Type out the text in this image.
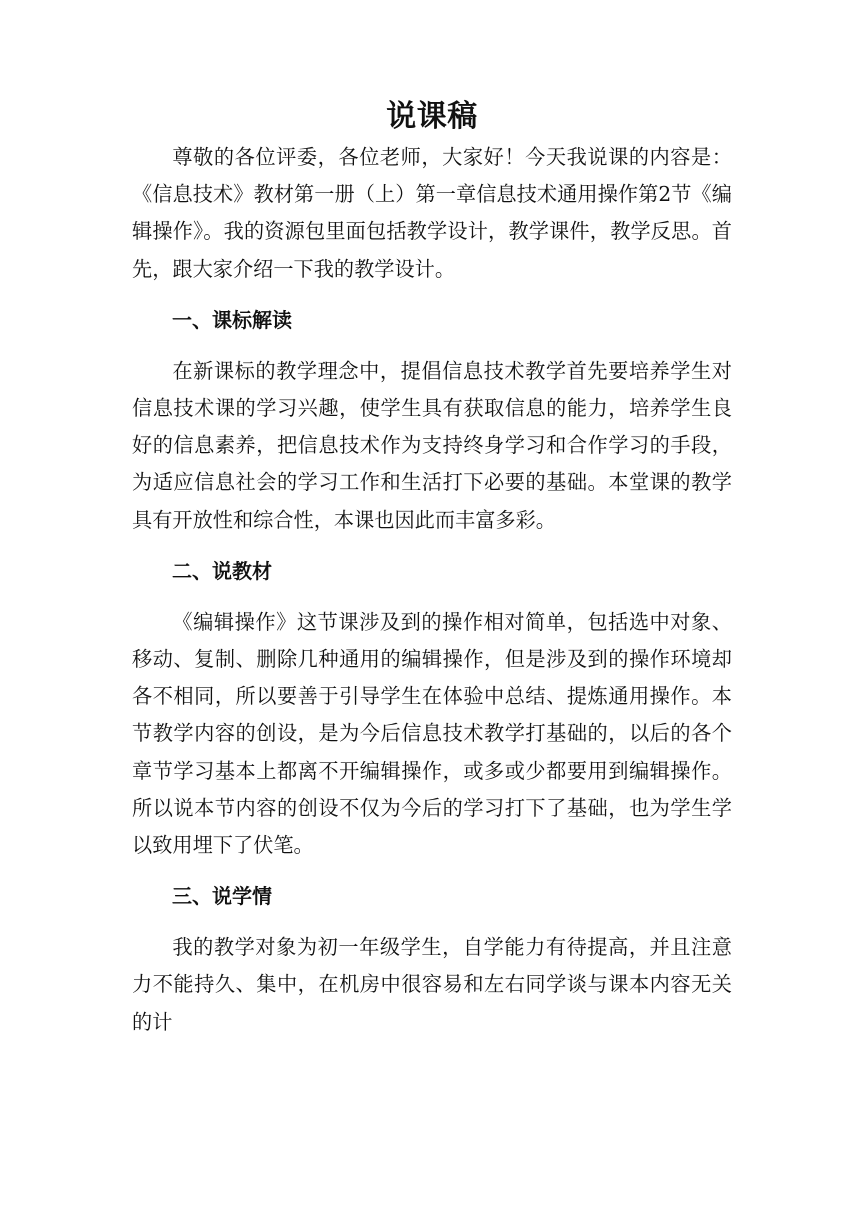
说课稿

尊敬的各位评委，各位老师，大家好！今天我说课的内容是：《信息技术》教材第一册（上）第一章信息技术通用操作第2节《编辑操作》。我的资源包里面包括教学设计，教学课件，教学反思。首先，跟大家介绍一下我的教学设计。

一、课标解读

在新课标的教学理念中，提倡信息技术教学首先要培养学生对信息技术课的学习兴趣，使学生具有获取信息的能力，培养学生良好的信息素养，把信息技术作为支持终身学习和合作学习的手段，为适应信息社会的学习工作和生活打下必要的基础。本堂课的教学具有开放性和综合性，本课也因此而丰富多彩。

二、说教材

《编辑操作》这节课涉及到的操作相对简单，包括选中对象、移动、复制、删除几种通用的编辑操作，但是涉及到的操作环境却各不相同，所以要善于引导学生在体验中总结、提炼通用操作。本节教学内容的创设，是为今后信息技术教学打基础的，以后的各个章节学习基本上都离不开编辑操作，或多或少都要用到编辑操作。所以说本节内容的创设不仅为今后的学习打下了基础，也为学生学以致用埋下了伏笔。

三、说学情

我的教学对象为初一年级学生，自学能力有待提高，并且注意力不能持久、集中，在机房中很容易和左右同学谈与课本内容无关的计
